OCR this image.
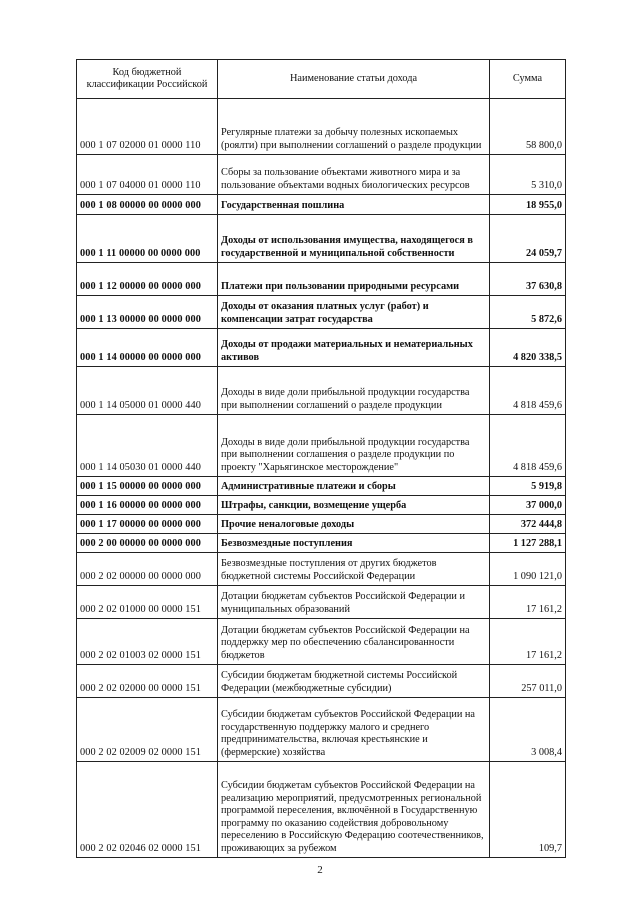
Код бюджетной классификации Российской	Наименование статьи дохода	Сумма
000 1 07 02000 01 0000 110	Регулярные платежи за добычу полезных ископаемых (роялти) при выполнении соглашений о разделе продукции	58 800,0
000 1 07 04000 01 0000 110	Сборы за пользование объектами животного мира и за пользование объектами водных биологических ресурсов	5 310,0
000 1 08 00000 00 0000 000	Государственная пошлина	18 955,0
000 1 11 00000 00 0000 000	Доходы от использования имущества, находящегося в государственной и муниципальной собственности	24 059,7
000 1 12 00000 00 0000 000	Платежи при пользовании природными ресурсами	37 630,8
000 1 13 00000 00 0000 000	Доходы от оказания платных услуг (работ) и компенсации затрат государства	5 872,6
000 1 14 00000 00 0000 000	Доходы от продажи материальных и нематериальных активов	4 820 338,5
000 1 14 05000 01 0000 440	Доходы в виде доли прибыльной продукции государства при выполнении соглашений о разделе продукции	4 818 459,6
000 1 14 05030 01 0000 440	Доходы в виде доли прибыльной продукции государства при выполнении соглашения о разделе продукции по проекту "Харьягинское месторождение"	4 818 459,6
000 1 15 00000 00 0000 000	Административные платежи и сборы	5 919,8
000 1 16 00000 00 0000 000	Штрафы, санкции, возмещение ущерба	37 000,0
000 1 17 00000 00 0000 000	Прочие неналоговые доходы	372 444,8
000 2 00 00000 00 0000 000	Безвозмездные поступления	1 127 288,1
000 2 02 00000 00 0000 000	Безвозмездные поступления от других бюджетов бюджетной системы Российской Федерации	1 090 121,0
000 2 02 01000 00 0000 151	Дотации бюджетам субъектов Российской Федерации и муниципальных образований	17 161,2
000 2 02 01003 02 0000 151	Дотации бюджетам субъектов Российской Федерации на поддержку мер по обеспечению сбалансированности бюджетов	17 161,2
000 2 02 02000 00 0000 151	Субсидии бюджетам бюджетной системы Российской Федерации (межбюджетные субсидии)	257 011,0
000 2 02 02009 02 0000 151	Субсидии бюджетам субъектов Российской Федерации на государственную поддержку малого и среднего предпринимательства, включая крестьянские и (фермерские) хозяйства	3 008,4
000 2 02 02046 02 0000 151	Субсидии бюджетам субъектов Российской Федерации на реализацию мероприятий, предусмотренных региональной программой переселения, включённой в Государственную программу по оказанию содействия добровольному переселению в Российскую Федерацию соотечественников, проживающих за рубежом	109,7
2
